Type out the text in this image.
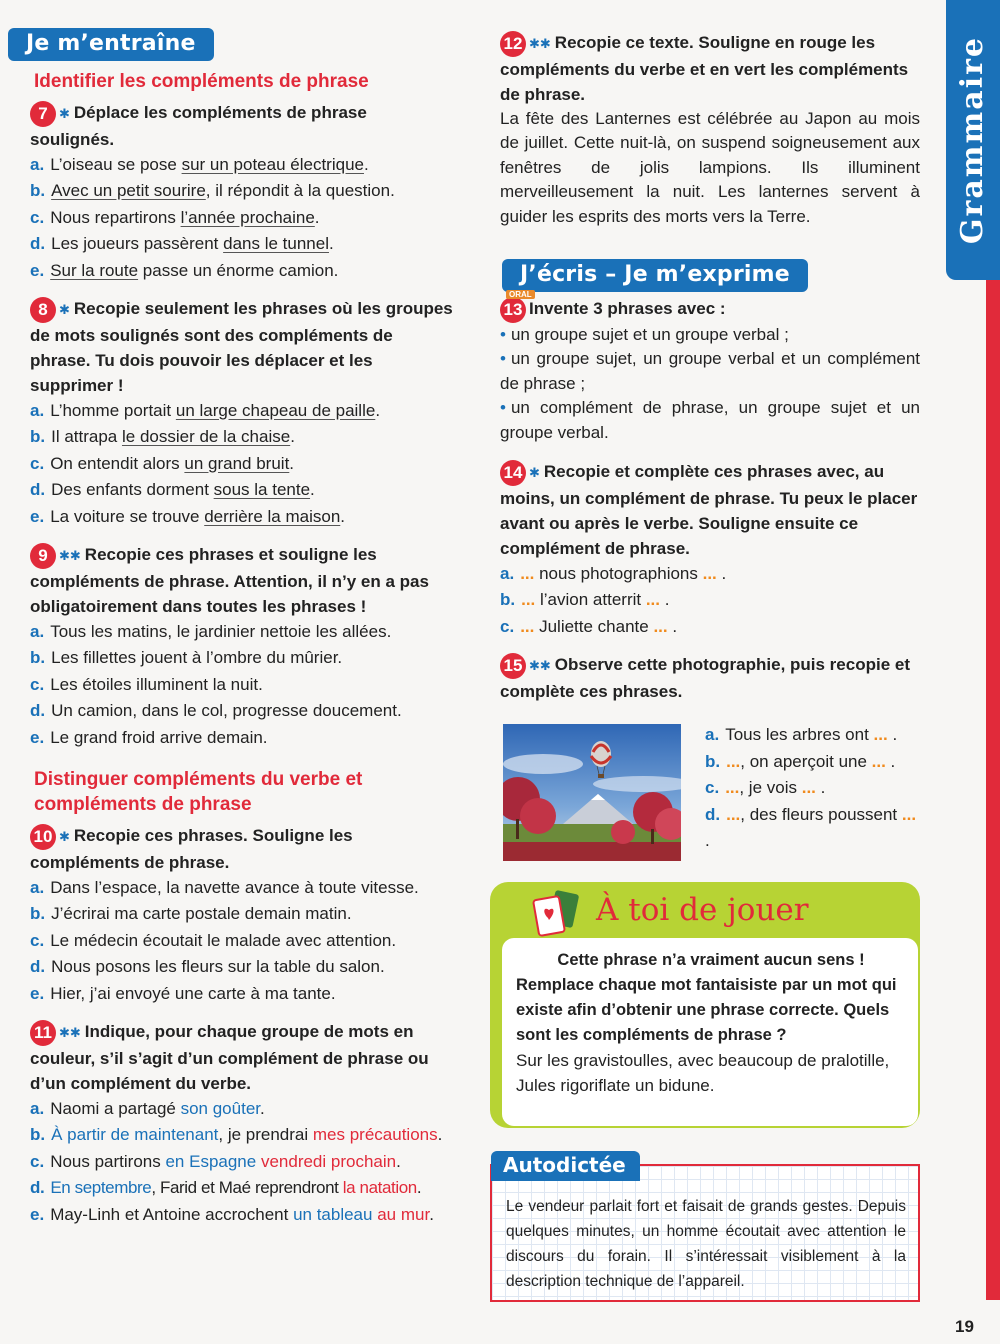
Grammaire
Je m’entraîne
Identifier les compléments de phrase
7 ✱ Déplace les compléments de phrase soulignés.
a. L’oiseau se pose sur un poteau électrique.
b. Avec un petit sourire, il répondit à la question.
c. Nous repartirons l’année prochaine.
d. Les joueurs passèrent dans le tunnel.
e. Sur la route passe un énorme camion.
8 ✱ Recopie seulement les phrases où les groupes de mots soulignés sont des compléments de phrase. Tu dois pouvoir les déplacer et les supprimer !
a. L’homme portait un large chapeau de paille.
b. Il attrapa le dossier de la chaise.
c. On entendit alors un grand bruit.
d. Des enfants dorment sous la tente.
e. La voiture se trouve derrière la maison.
9 ✱✱ Recopie ces phrases et souligne les compléments de phrase. Attention, il n’y en a pas obligatoirement dans toutes les phrases !
a. Tous les matins, le jardinier nettoie les allées.
b. Les fillettes jouent à l’ombre du mûrier.
c. Les étoiles illuminent la nuit.
d. Un camion, dans le col, progresse doucement.
e. Le grand froid arrive demain.
Distinguer compléments du verbe et compléments de phrase
10 ✱ Recopie ces phrases. Souligne les compléments de phrase.
a. Dans l’espace, la navette avance à toute vitesse.
b. J’écrirai ma carte postale demain matin.
c. Le médecin écoutait le malade avec attention.
d. Nous posons les fleurs sur la table du salon.
e. Hier, j’ai envoyé une carte à ma tante.
11 ✱✱ Indique, pour chaque groupe de mots en couleur, s’il s’agit d’un complément de phrase ou d’un complément du verbe.
a. Naomi a partagé son goûter.
b. À partir de maintenant, je prendrai mes précautions.
c. Nous partirons en Espagne vendredi prochain.
d. En septembre, Farid et Maé reprendront la natation.
e. May-Linh et Antoine accrochent un tableau au mur.
12 ✱✱ Recopie ce texte. Souligne en rouge les compléments du verbe et en vert les compléments de phrase.
La fête des Lanternes est célébrée au Japon au mois de juillet. Cette nuit-là, on suspend soigneusement aux fenêtres de jolis lampions. Ils illuminent merveilleusement la nuit. Les lanternes servent à guider les esprits des morts vers la Terre.
J’écris – Je m’exprime
ORAL
13 Invente 3 phrases avec :
• un groupe sujet et un groupe verbal ;
• un groupe sujet, un groupe verbal et un complément de phrase ;
• un complément de phrase, un groupe sujet et un groupe verbal.
14 ✱ Recopie et complète ces phrases avec, au moins, un complément de phrase. Tu peux le placer avant ou après le verbe. Souligne ensuite ce complément de phrase.
a. ... nous photographions ... .
b. ... l’avion atterrit ... .
c. ... Juliette chante ... .
15 ✱✱ Observe cette photographie, puis recopie et complète ces phrases.
a. Tous les arbres ont ... .
b. ..., on aperçoit une ... .
c. ..., je vois ... .
d. ..., des fleurs poussent ... .
À toi de jouer
Cette phrase n’a vraiment aucun sens !
Remplace chaque mot fantaisiste par un mot qui existe afin d’obtenir une phrase correcte. Quels sont les compléments de phrase ?
Sur les gravistoulles, avec beaucoup de pralotille, Jules rigoriflate un bidune.
Autodictée
Le vendeur parlait fort et faisait de grands gestes. Depuis quelques minutes, un homme écoutait avec attention le discours du forain. Il s’intéressait visiblement à la description technique de l’appareil.
19
